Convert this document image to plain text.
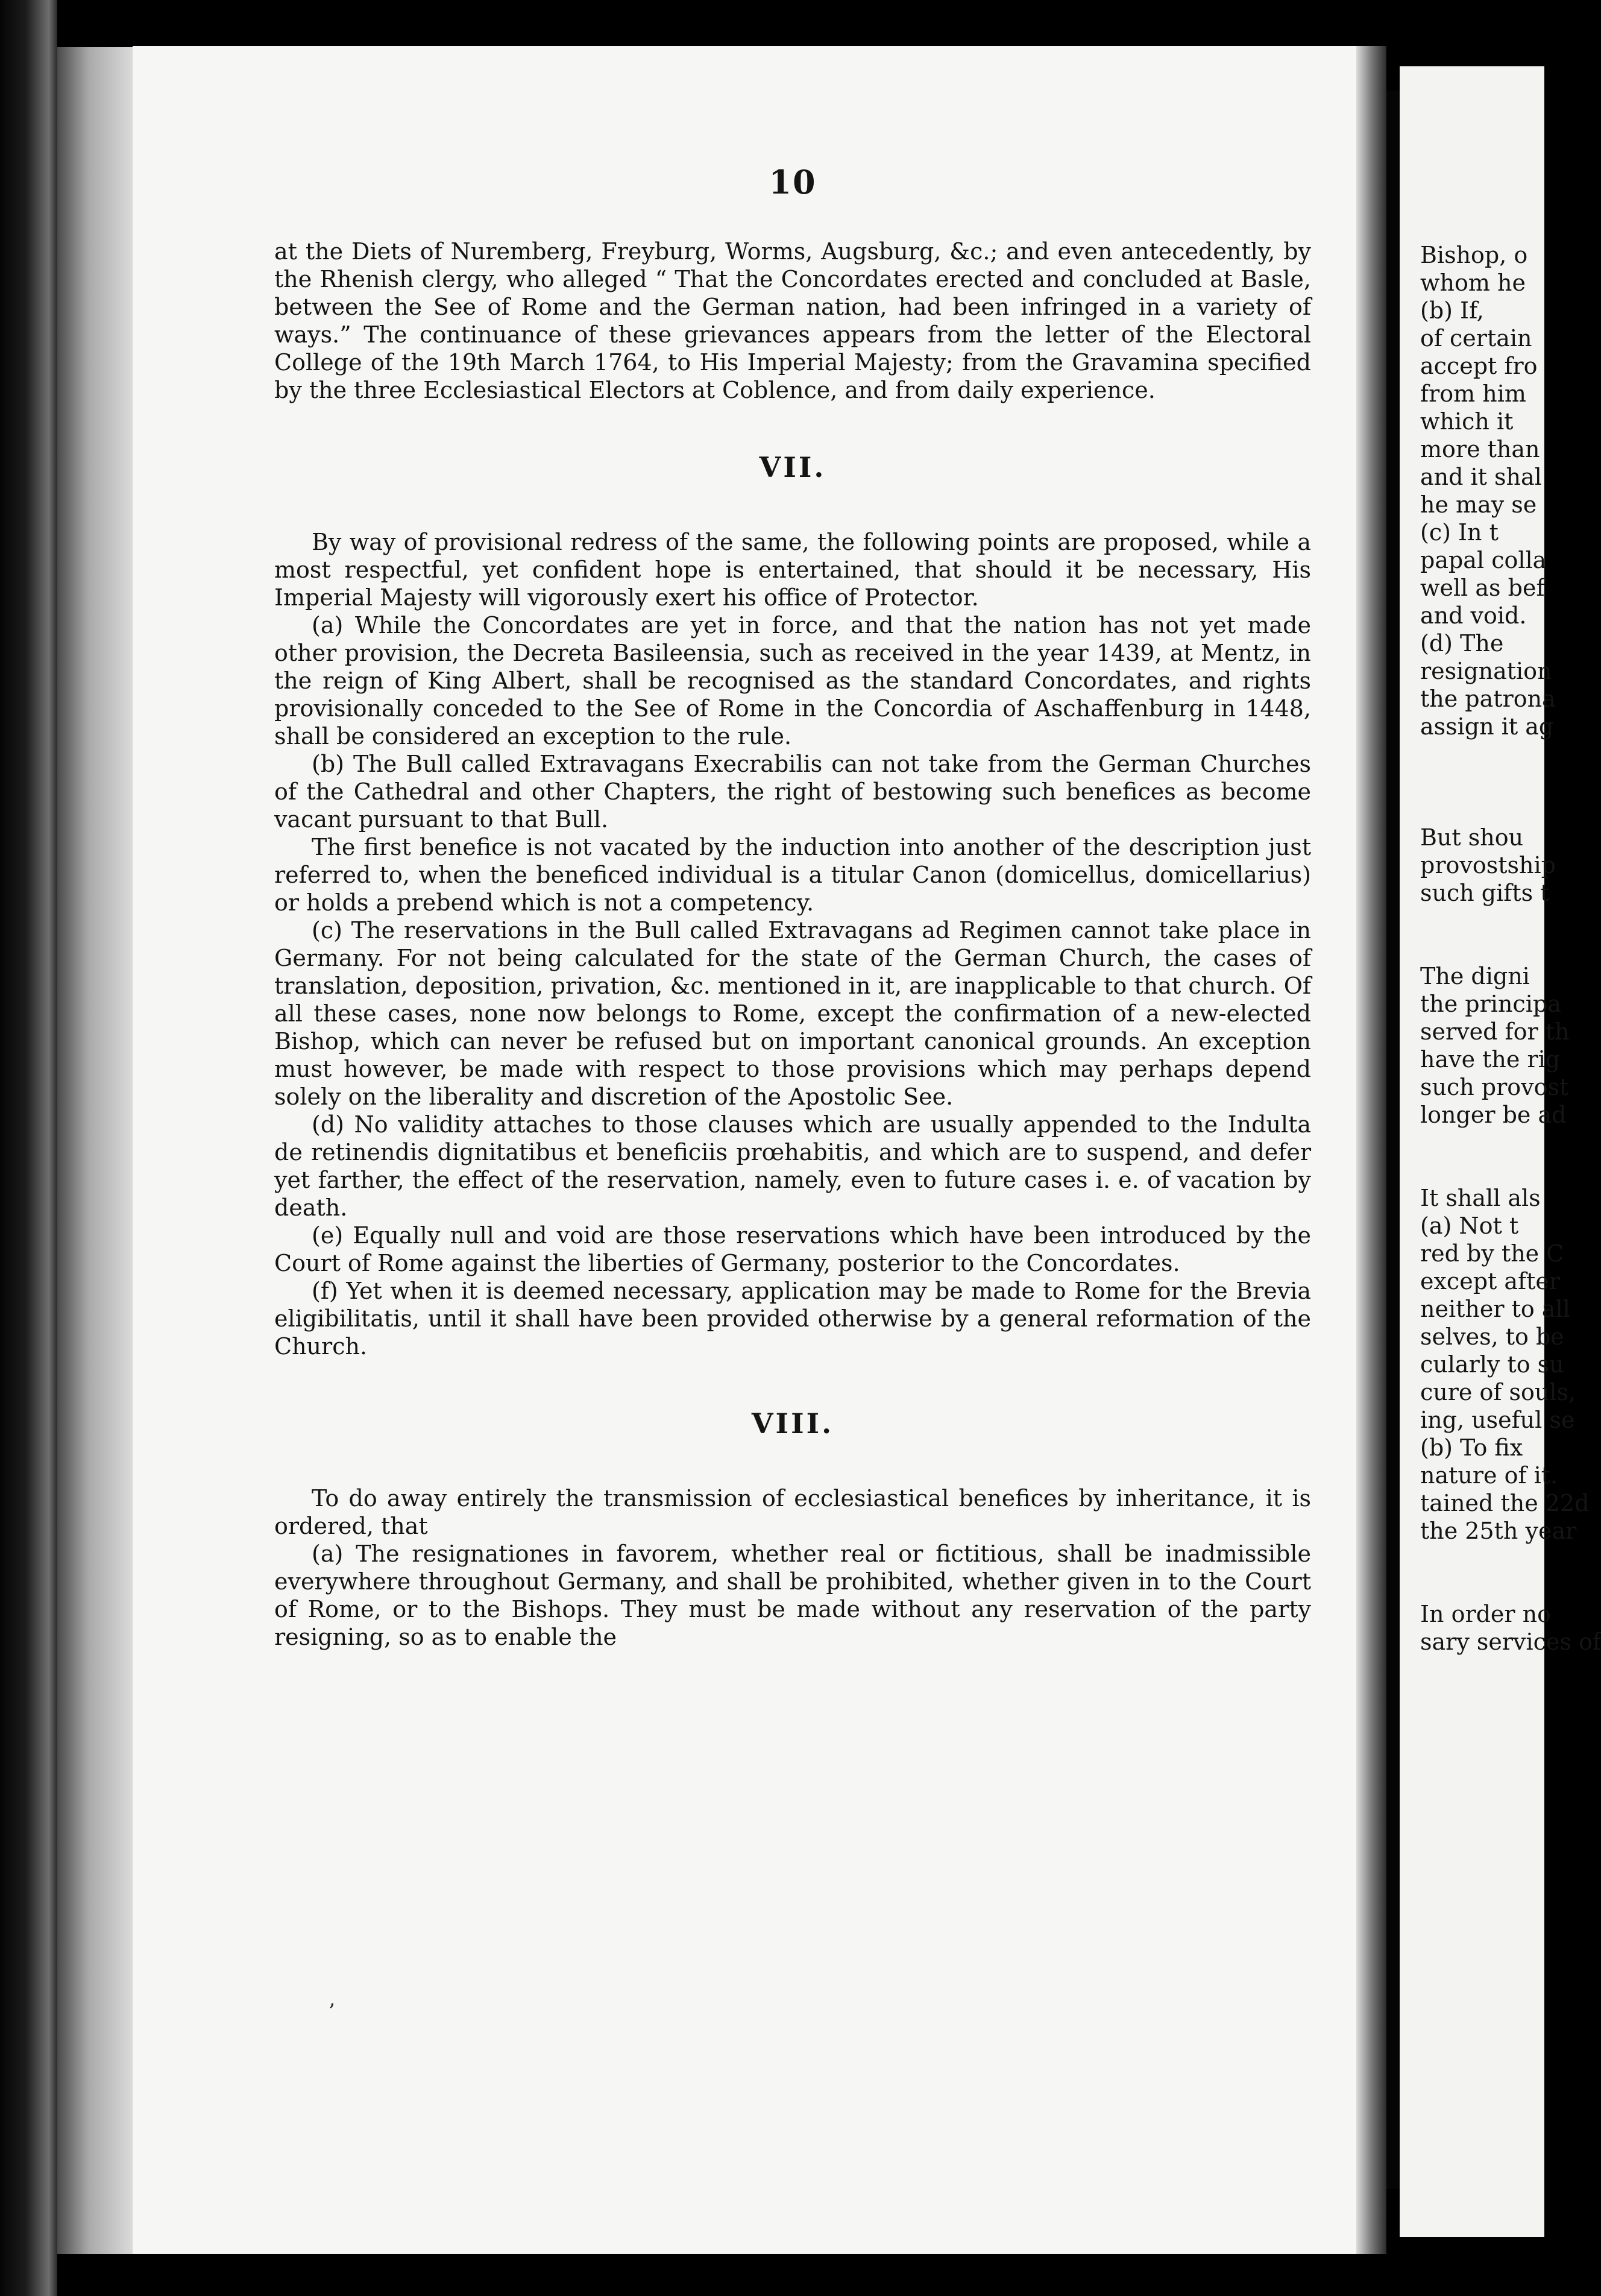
10

at the Diets of Nuremberg, Freyburg, Worms, Augsburg, &c.; and even antecedently, by the Rhenish clergy, who alleged “ That the Concordates erected and concluded at Basle, between the See of Rome and the German nation, had been infringed in a variety of ways.” The continuance of these grievances appears from the letter of the Electoral College of the 19th March 1764, to His Imperial Majesty; from the Gravamina specified by the three Ecclesiastical Electors at Coblence, and from daily experience.

VII.

By way of provisional redress of the same, the following points are proposed, while a most respectful, yet confident hope is entertained, that should it be necessary, His Imperial Majesty will vigorously exert his office of Protector.

(a) While the Concordates are yet in force, and that the nation has not yet made other provision, the Decreta Basileensia, such as received in the year 1439, at Mentz, in the reign of King Albert, shall be recognised as the standard Concordates, and rights provisionally conceded to the See of Rome in the Concordia of Aschaffenburg in 1448, shall be considered an exception to the rule.

(b) The Bull called Extravagans Execrabilis can not take from the German Churches of the Cathedral and other Chapters, the right of bestowing such benefices as become vacant pursuant to that Bull.

The first benefice is not vacated by the induction into another of the description just referred to, when the beneficed individual is a titular Canon (domicellus, domicellarius) or holds a prebend which is not a competency.

(c) The reservations in the Bull called Extravagans ad Regimen cannot take place in Germany. For not being calculated for the state of the German Church, the cases of translation, deposition, privation, &c. mentioned in it, are inapplicable to that church. Of all these cases, none now belongs to Rome, except the confirmation of a new-elected Bishop, which can never be refused but on important canonical grounds. An exception must however, be made with respect to those provisions which may perhaps depend solely on the liberality and discretion of the Apostolic See.

(d) No validity attaches to those clauses which are usually appended to the Indulta de retinendis dignitatibus et beneficiis prœhabitis, and which are to suspend, and defer yet farther, the effect of the reservation, namely, even to future cases i. e. of vacation by death.

(e) Equally null and void are those reservations which have been introduced by the Court of Rome against the liberties of Germany, posterior to the Concordates.

(f) Yet when it is deemed necessary, application may be made to Rome for the Brevia eligibilitatis, until it shall have been provided otherwise by a general reformation of the Church.

VIII.

To do away entirely the transmission of ecclesiastical benefices by inheritance, it is ordered, that

(a) The resignationes in favorem, whether real or fictitious, shall be inadmissible everywhere throughout Germany, and shall be prohibited, whether given in to the Court of Rome, or to the Bishops. They must be made without any reservation of the party resigning, so as to enable the

’
Bishop, o
whom he
(b) If,
of certain
accept fro
from him
which it
more than
and it shal
he may se
(c) In t
papal colla
well as bef
and void.
(d) The
resignation
the patrona
assign it ag
But shou
provostship
such gifts t
The digni
the principa
served for th
have the rig
such provost
longer be ad
It shall als
(a) Not t
red by the C
except after
neither to all
selves, to be
cularly to su
cure of souls,
ing, useful se
(b) To fix
nature of it.
tained the 22d
the 25th year
In order no
sary services of
